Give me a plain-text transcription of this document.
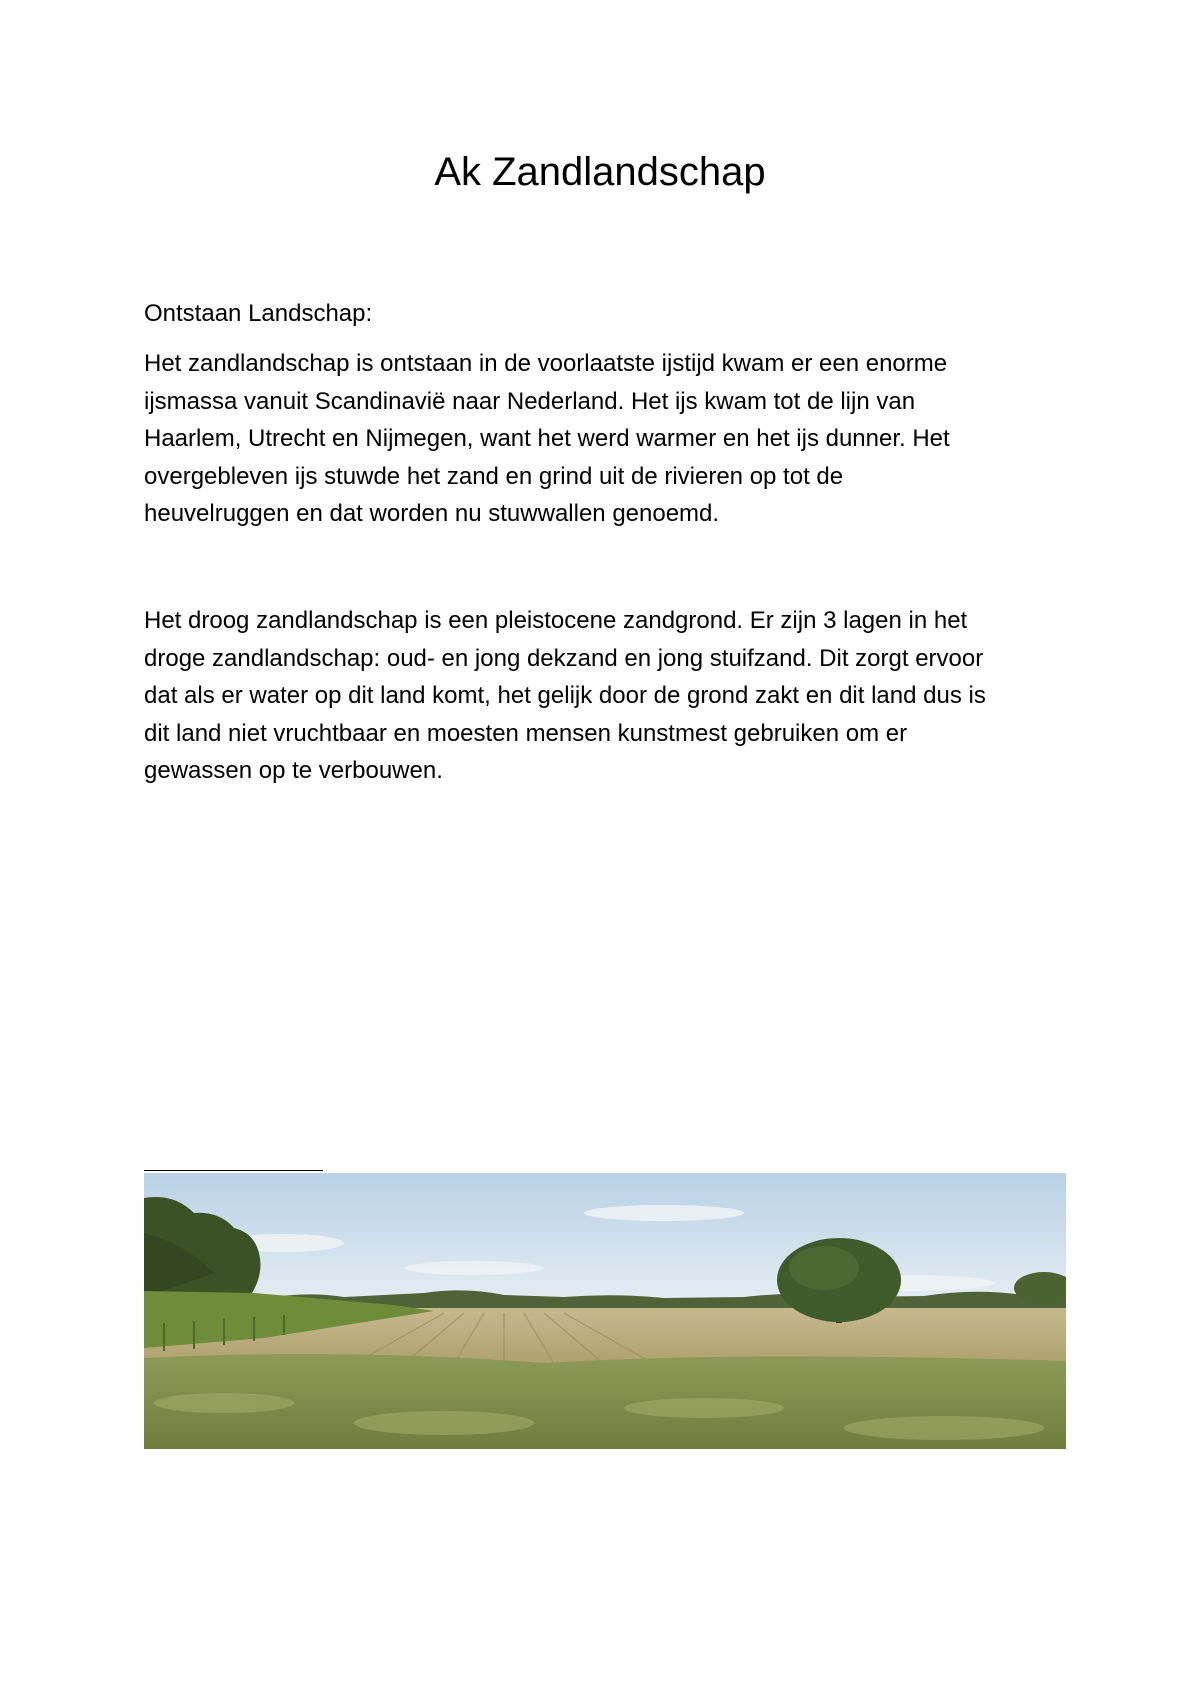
Ak Zandlandschap

Ontstaan Landschap:

Het zandlandschap is ontstaan in de voorlaatste ijstijd kwam er een enorme
ijsmassa vanuit Scandinavië naar Nederland. Het ijs kwam tot de lijn van
Haarlem, Utrecht en Nijmegen, want het werd warmer en het ijs dunner. Het
overgebleven ijs stuwde het zand en grind uit de rivieren op tot de
heuvelruggen en dat worden nu stuwwallen genoemd.

Het droog zandlandschap is een pleistocene zandgrond. Er zijn 3 lagen in het
droge zandlandschap: oud- en jong dekzand en jong stuifzand. Dit zorgt ervoor
dat als er water op dit land komt, het gelijk door de grond zakt en dit land dus is
dit land niet vruchtbaar en moesten mensen kunstmest gebruiken om er
gewassen op te verbouwen.
